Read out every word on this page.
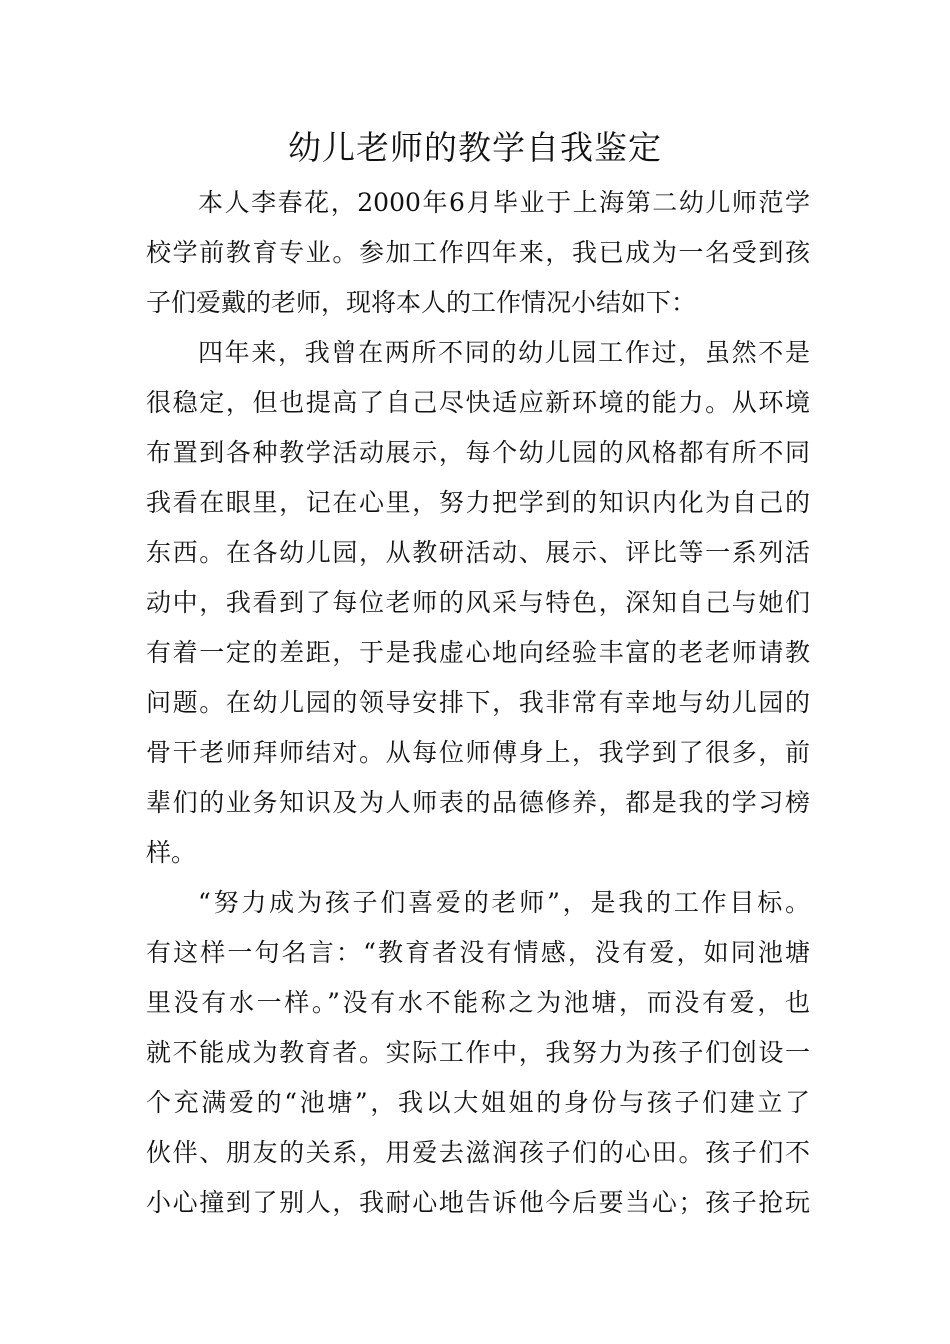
幼儿老师的教学自我鉴定
本人李春花，2000年6月毕业于上海第二幼儿师范学
校学前教育专业。参加工作四年来，我已成为一名受到孩
子们爱戴的老师，现将本人的工作情况小结如下：
四年来，我曾在两所不同的幼儿园工作过，虽然不是
很稳定，但也提高了自己尽快适应新环境的能力。从环境
布置到各种教学活动展示，每个幼儿园的风格都有所不同
我看在眼里，记在心里，努力把学到的知识内化为自己的
东西。在各幼儿园，从教研活动、展示、评比等一系列活
动中，我看到了每位老师的风采与特色，深知自己与她们
有着一定的差距，于是我虚心地向经验丰富的老老师请教
问题。在幼儿园的领导安排下，我非常有幸地与幼儿园的
骨干老师拜师结对。从每位师傅身上，我学到了很多，前
辈们的业务知识及为人师表的品德修养，都是我的学习榜
样。
“努力成为孩子们喜爱的老师”，是我的工作目标。
有这样一句名言：“教育者没有情感，没有爱，如同池塘
里没有水一样。”没有水不能称之为池塘，而没有爱，也
就不能成为教育者。实际工作中，我努力为孩子们创设一
个充满爱的“池塘”，我以大姐姐的身份与孩子们建立了
伙伴、朋友的关系，用爱去滋润孩子们的心田。孩子们不
小心撞到了别人，我耐心地告诉他今后要当心；孩子抢玩
